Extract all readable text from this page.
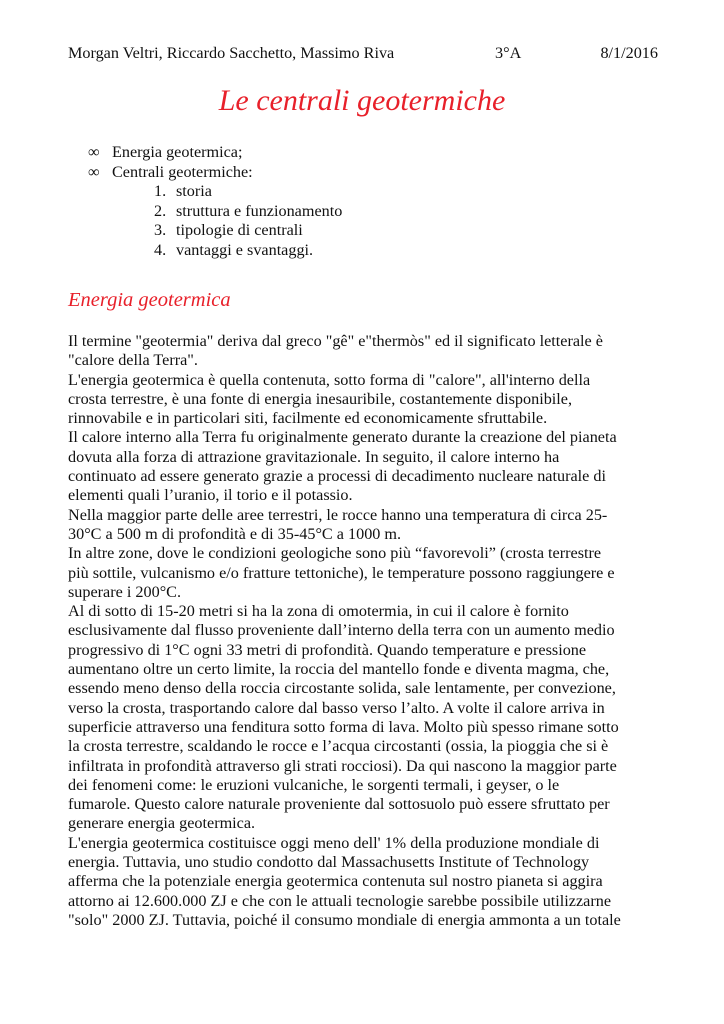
Morgan Veltri, Riccardo Sacchetto, Massimo Riva	3°A	8/1/2016
Le centrali geotermiche
∞ Energia geotermica;
∞ Centrali geotermiche:
1. storia
2. struttura e funzionamento
3. tipologie di centrali
4. vantaggi e svantaggi.
Energia geotermica
Il termine "geotermia" deriva dal greco "gê" e"thermòs" ed il significato letterale è
"calore della Terra".
L'energia geotermica è quella contenuta, sotto forma di "calore", all'interno della
crosta terrestre, è una fonte di energia inesauribile, costantemente disponibile,
rinnovabile e in particolari siti, facilmente ed economicamente sfruttabile.
Il calore interno alla Terra fu originalmente generato durante la creazione del pianeta
dovuta alla forza di attrazione gravitazionale. In seguito, il calore interno ha
continuato ad essere generato grazie a processi di decadimento nucleare naturale di
elementi quali l’uranio, il torio e il potassio.
Nella maggior parte delle aree terrestri, le rocce hanno una temperatura di circa 25-
30°C a 500 m di profondità e di 35-45°C a 1000 m.
In altre zone, dove le condizioni geologiche sono più “favorevoli” (crosta terrestre
più sottile, vulcanismo e/o fratture tettoniche), le temperature possono raggiungere e
superare i 200°C.
Al di sotto di 15-20 metri si ha la zona di omotermia, in cui il calore è fornito
esclusivamente dal flusso proveniente dall’interno della terra con un aumento medio
progressivo di 1°C ogni 33 metri di profondità. Quando temperature e pressione
aumentano oltre un certo limite, la roccia del mantello fonde e diventa magma, che,
essendo meno denso della roccia circostante solida, sale lentamente, per convezione,
verso la crosta, trasportando calore dal basso verso l’alto. A volte il calore arriva in
superficie attraverso una fenditura sotto forma di lava. Molto più spesso rimane sotto
la crosta terrestre, scaldando le rocce e l’acqua circostanti (ossia, la pioggia che si è
infiltrata in profondità attraverso gli strati rocciosi). Da qui nascono la maggior parte
dei fenomeni come: le eruzioni vulcaniche, le sorgenti termali, i geyser, o le
fumarole. Questo calore naturale proveniente dal sottosuolo può essere sfruttato per
generare energia geotermica.
L'energia geotermica costituisce oggi meno dell' 1% della produzione mondiale di
energia. Tuttavia, uno studio condotto dal Massachusetts Institute of Technology
afferma che la potenziale energia geotermica contenuta sul nostro pianeta si aggira
attorno ai 12.600.000 ZJ e che con le attuali tecnologie sarebbe possibile utilizzarne
"solo" 2000 ZJ. Tuttavia, poiché il consumo mondiale di energia ammonta a un totale
